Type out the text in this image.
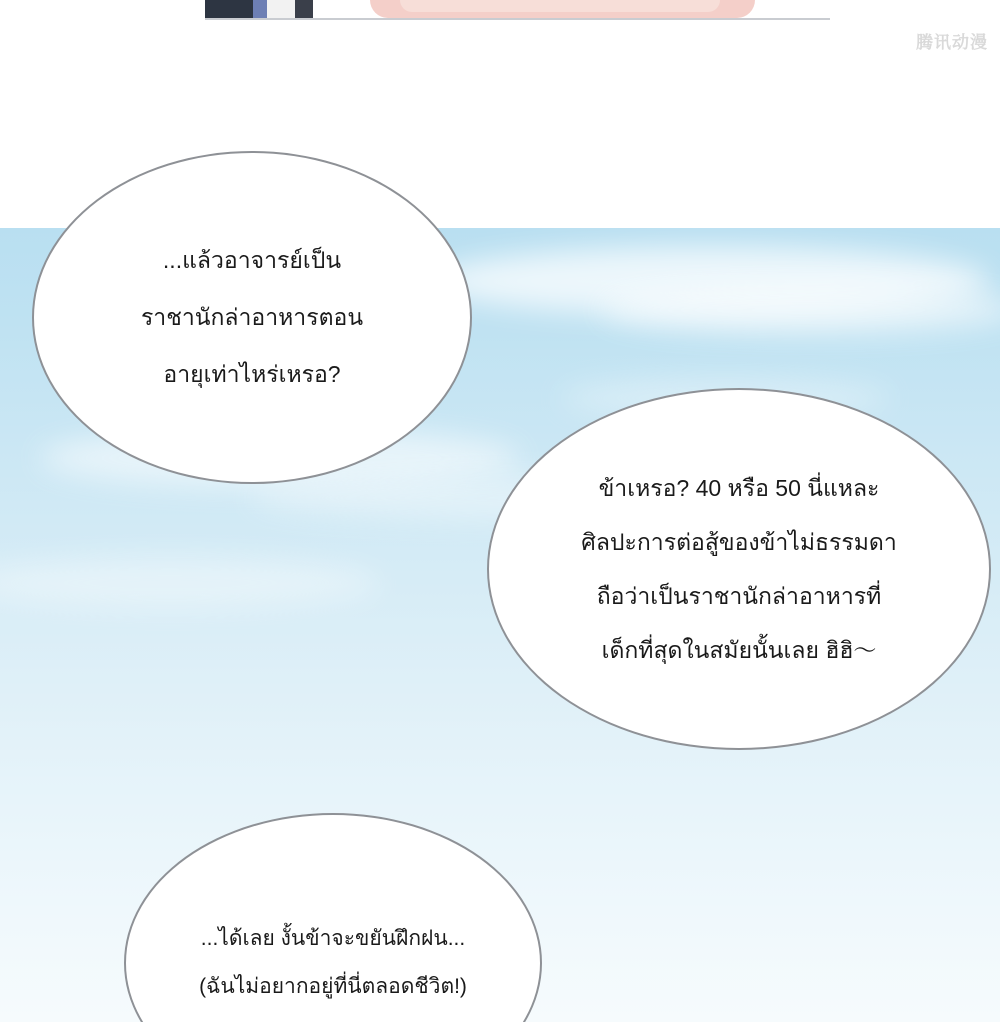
腾讯动漫
...แล้วอาจารย์เป็น
ราชานักล่าอาหารตอน
อายุเท่าไหร่เหรอ?
ข้าเหรอ? 40 หรือ 50 นี่แหละ
ศิลปะการต่อสู้ของข้าไม่ธรรมดา
ถือว่าเป็นราชานักล่าอาหารที่
เด็กที่สุดในสมัยนั้นเลย ฮิฮิ～
...ได้เลย งั้นข้าจะขยันฝึกฝน...
(ฉันไม่อยากอยู่ที่นี่ตลอดชีวิต!)
